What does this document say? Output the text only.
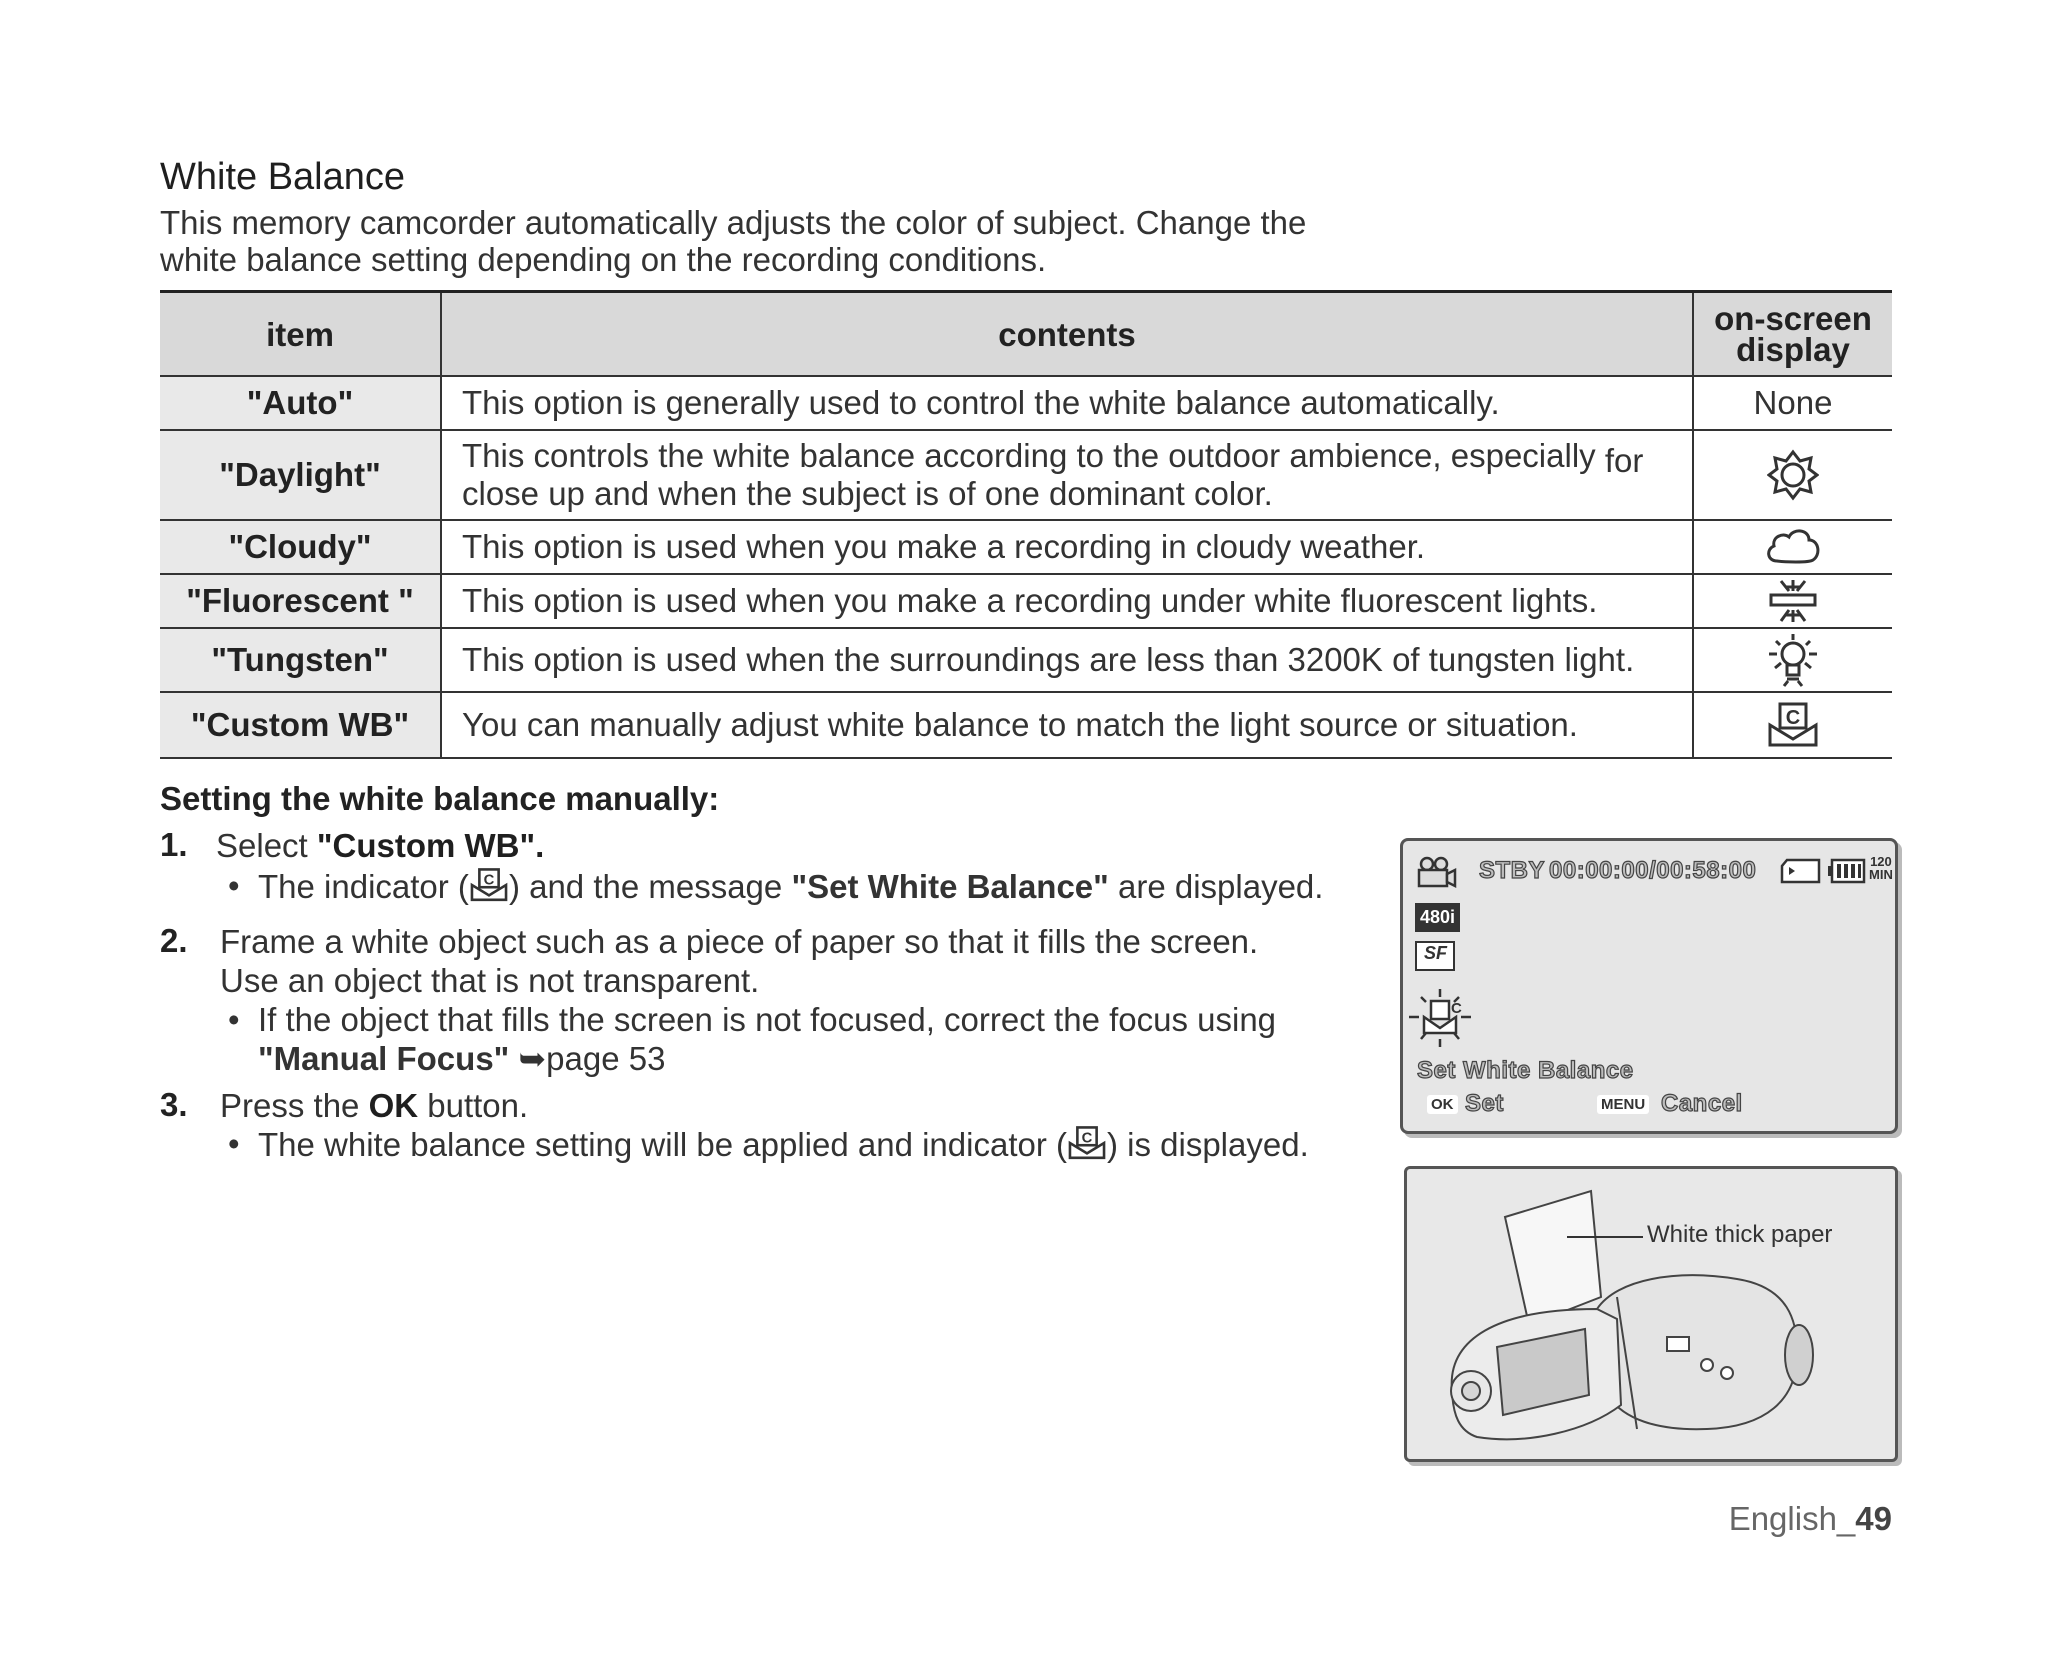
White Balance
This memory camcorder automatically adjusts the color of subject. Change the
white balance setting depending on the recording conditions.
item	contents	on-screen
display

"Auto"	This option is generally used to control the white balance automatically.	None
"Daylight"	This controls the white balance according to the outdoor ambience, especially for
close up and when the subject is of one dominant color.

"Cloudy"	This option is used when you make a recording in cloudy weather.	

"Fluorescent "	This option is used when you make a recording under white fluorescent lights.	

"Tungsten"	This option is used when the surroundings are less than 3200K of tungsten light.	

"Custom WB"	You can manually adjust white balance to match the light source or situation.	C
Setting the white balance manually:
1. Select "Custom WB".
• The indicator ( C ) and the message "Set White Balance" are displayed.
2. Frame a white object such as a piece of paper so that it fills the screen.
Use an object that is not transparent.
• If the object that fills the screen is not focused, correct the focus using
"Manual Focus" ➥page 53
3. Press the OK button.
• The white balance setting will be applied and indicator ( C ) is displayed.
STBY 00:00:00/00:58:00	120
MIN
480i
SF
C
Set White Balance
OK Set	MENU Cancel
White thick paper
English_49
